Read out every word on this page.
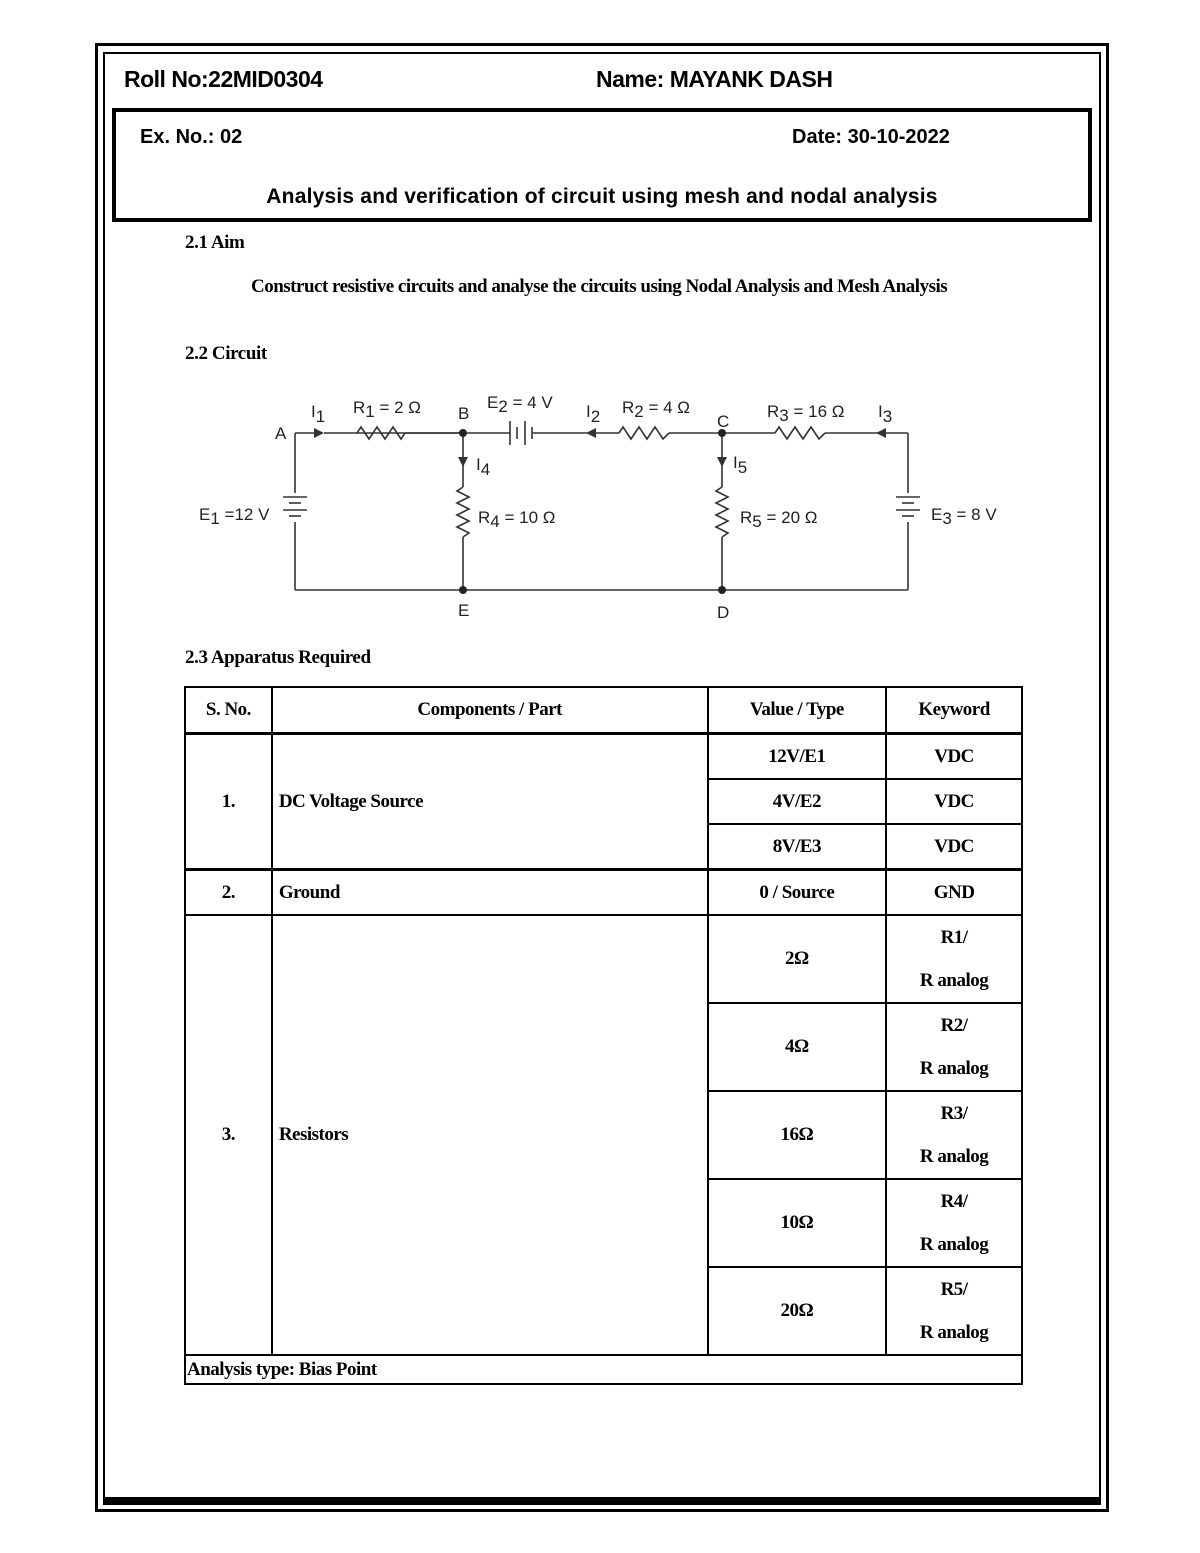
Roll No:22MID0304	Name: MAYANK DASH
Ex. No.: 02	Date: 30-10-2022
Analysis and verification of circuit using mesh and nodal analysis
2.1 Aim
Construct resistive circuits and analyse the circuits using Nodal Analysis and Mesh Analysis
2.2 Circuit
A
B	C
D
E
I1	I2	I3
I4	I5
R1 = 2 Ω	R2 = 4 Ω	R3 = 16 Ω
R4 = 10 Ω	R5 = 20 Ω
E1 =12 V
E2 = 4 V
E3 = 8 V
2.3 Apparatus Required
S. No.	Components / Part	Value / Type	Keyword
1.	DC Voltage Source	12V/E1	VDC
		4V/E2	VDC
		8V/E3	VDC
2.	Ground	0 / Source	GND
3.	Resistors	2Ω	R1/
R analog

		4Ω	R2/
R analog

		16Ω	R3/
R analog

		10Ω	R4/
R analog

		20Ω	R5/
R analog

Analysis type: Bias Point			
